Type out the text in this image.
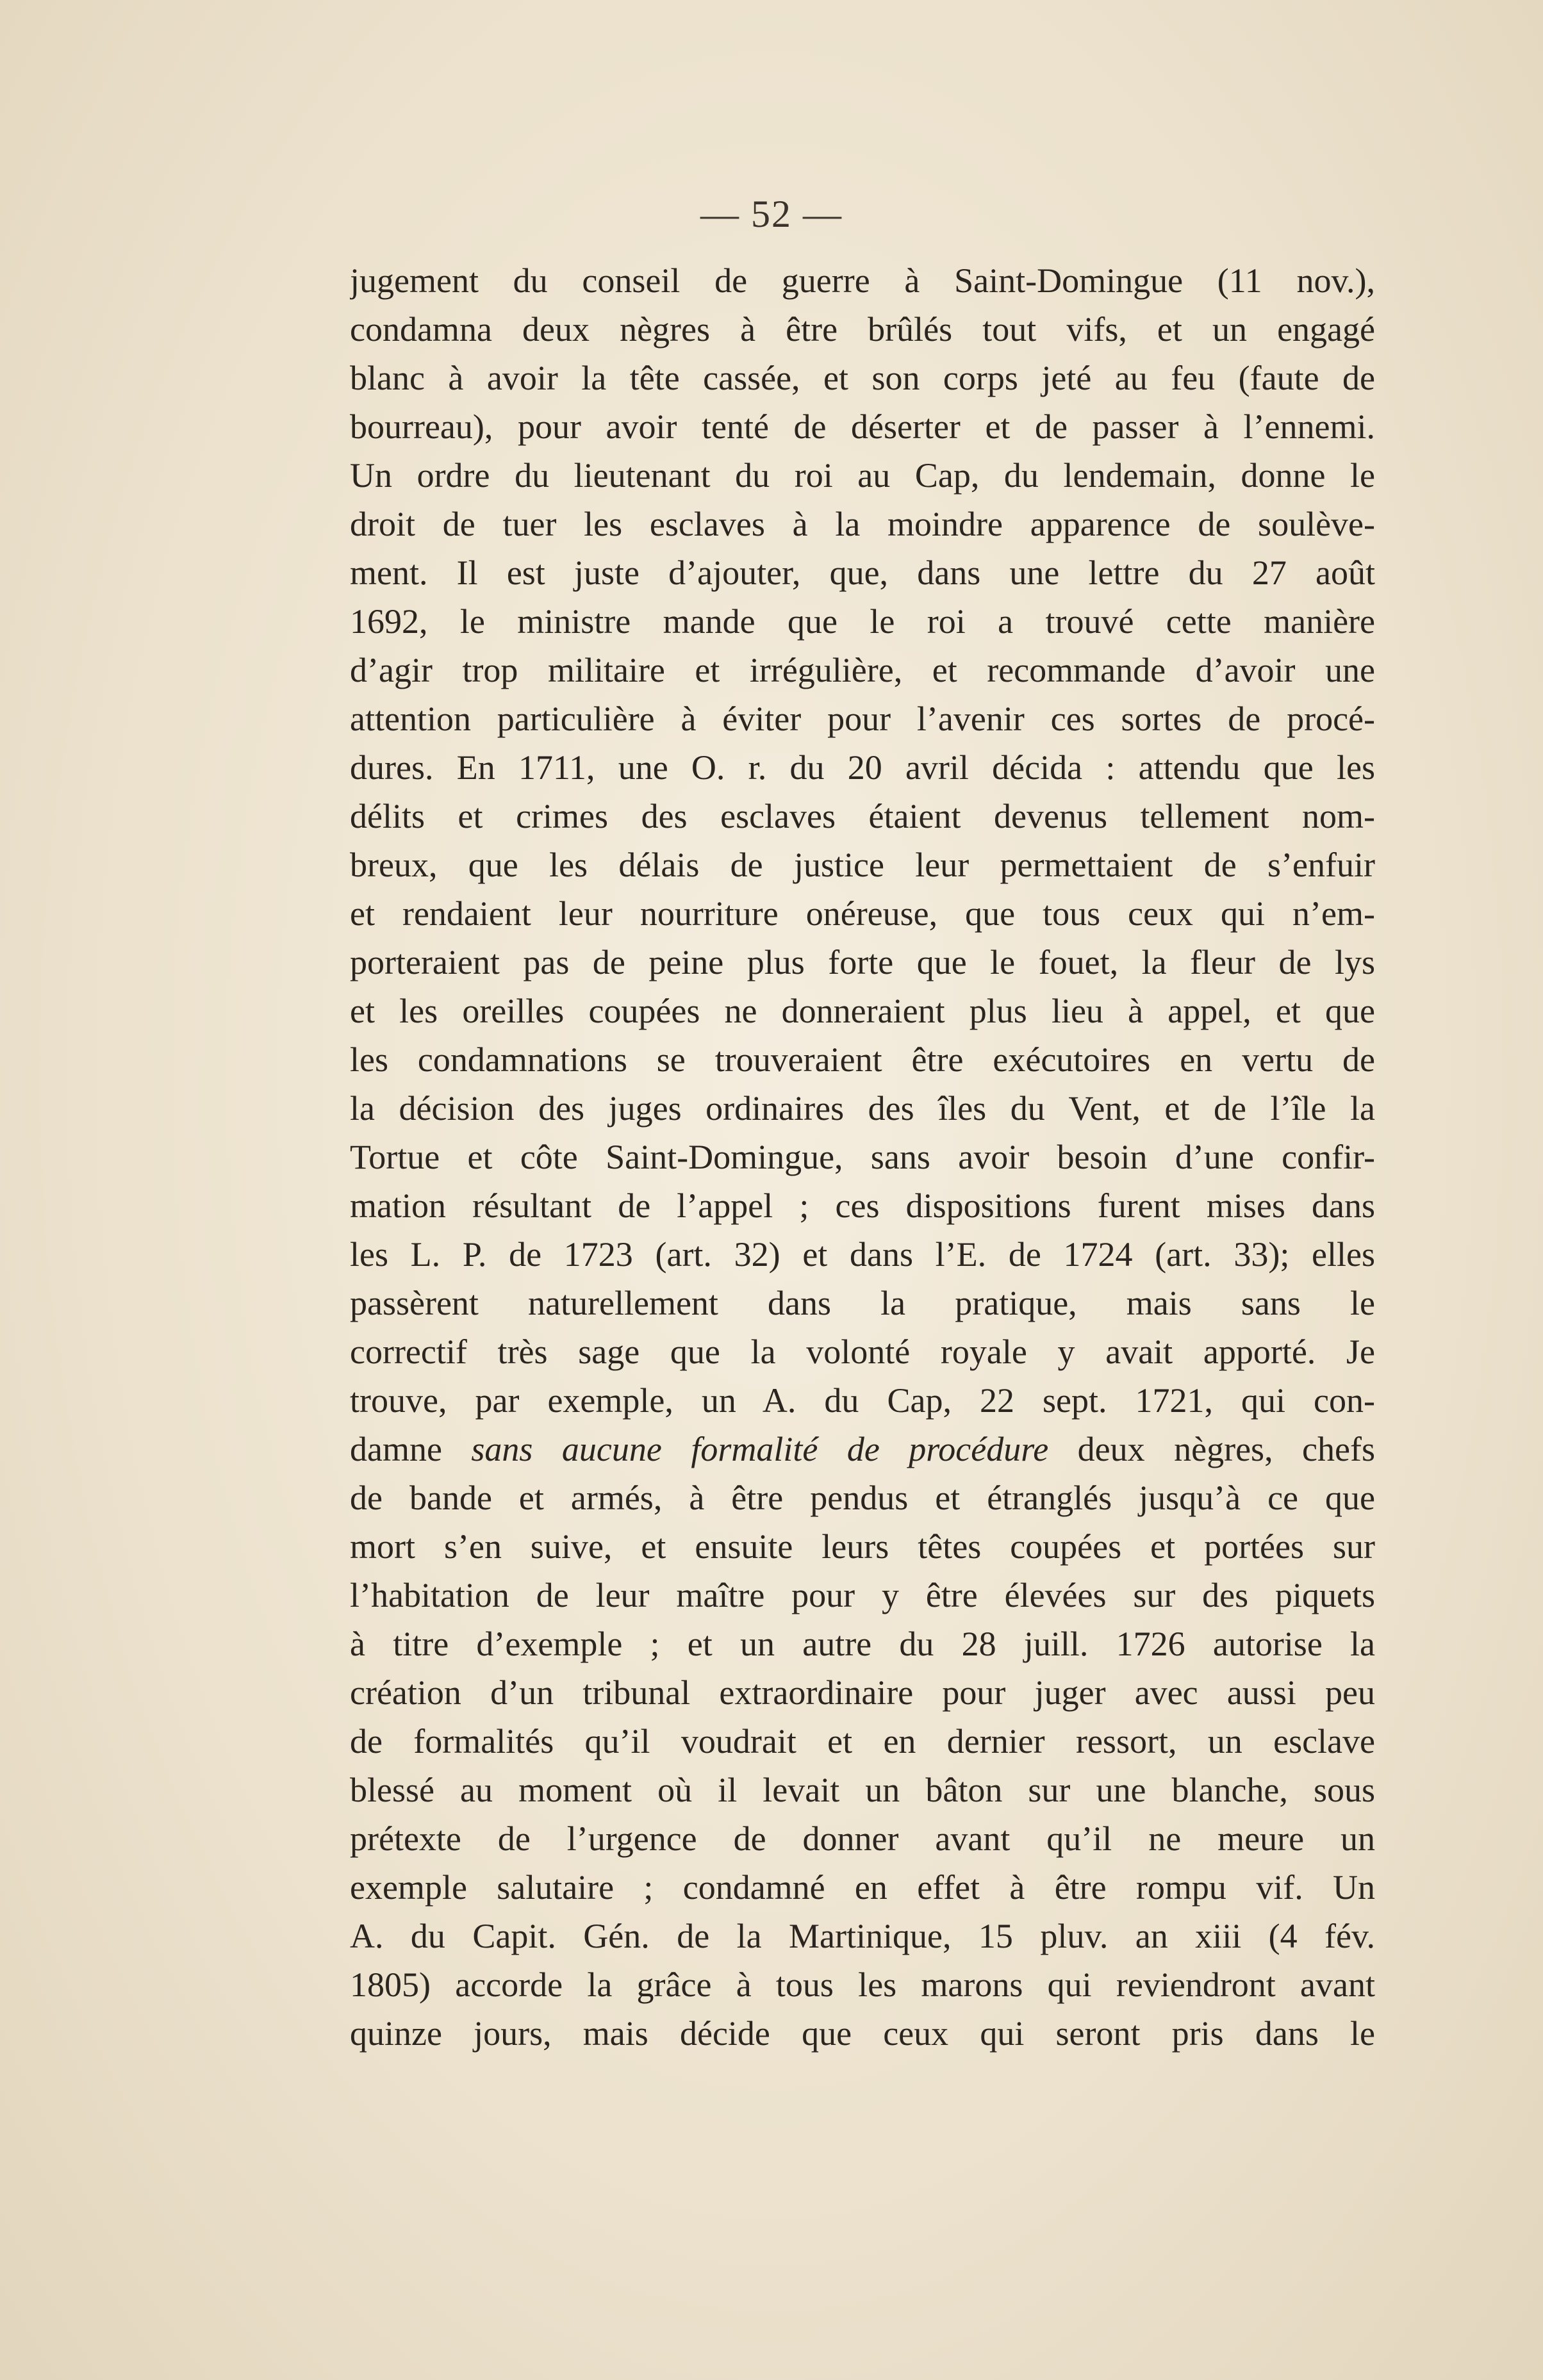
— 52 —
jugement du conseil de guerre à Saint-Domingue (11 nov.),
condamna deux nègres à être brûlés tout vifs, et un engagé
blanc à avoir la tête cassée, et son corps jeté au feu (faute de
bourreau), pour avoir tenté de déserter et de passer à l’ennemi.
Un ordre du lieutenant du roi au Cap, du lendemain, donne le
droit de tuer les esclaves à la moindre apparence de soulève-
ment. Il est juste d’ajouter, que, dans une lettre du 27 août
1692, le ministre mande que le roi a trouvé cette manière
d’agir trop militaire et irrégulière, et recommande d’avoir une
attention particulière à éviter pour l’avenir ces sortes de procé-
dures. En 1711, une O. r. du 20 avril décida : attendu que les
délits et crimes des esclaves étaient devenus tellement nom-
breux, que les délais de justice leur permettaient de s’enfuir
et rendaient leur nourriture onéreuse, que tous ceux qui n’em-
porteraient pas de peine plus forte que le fouet, la fleur de lys
et les oreilles coupées ne donneraient plus lieu à appel, et que
les condamnations se trouveraient être exécutoires en vertu de
la décision des juges ordinaires des îles du Vent, et de l’île la
Tortue et côte Saint-Domingue, sans avoir besoin d’une confir-
mation résultant de l’appel ; ces dispositions furent mises dans
les L. P. de 1723 (art. 32) et dans l’E. de 1724 (art. 33); elles
passèrent naturellement dans la pratique, mais sans le
correctif très sage que la volonté royale y avait apporté. Je
trouve, par exemple, un A. du Cap, 22 sept. 1721, qui con-
damne sans aucune formalité de procédure deux nègres, chefs
de bande et armés, à être pendus et étranglés jusqu’à ce que
mort s’en suive, et ensuite leurs têtes coupées et portées sur
l’habitation de leur maître pour y être élevées sur des piquets
à titre d’exemple ; et un autre du 28 juill. 1726 autorise la
création d’un tribunal extraordinaire pour juger avec aussi peu
de formalités qu’il voudrait et en dernier ressort, un esclave
blessé au moment où il levait un bâton sur une blanche, sous
prétexte de l’urgence de donner avant qu’il ne meure un
exemple salutaire ; condamné en effet à être rompu vif. Un
A. du Capit. Gén. de la Martinique, 15 pluv. an xiii (4 fév.
1805) accorde la grâce à tous les marons qui reviendront avant
quinze jours, mais décide que ceux qui seront pris dans le
